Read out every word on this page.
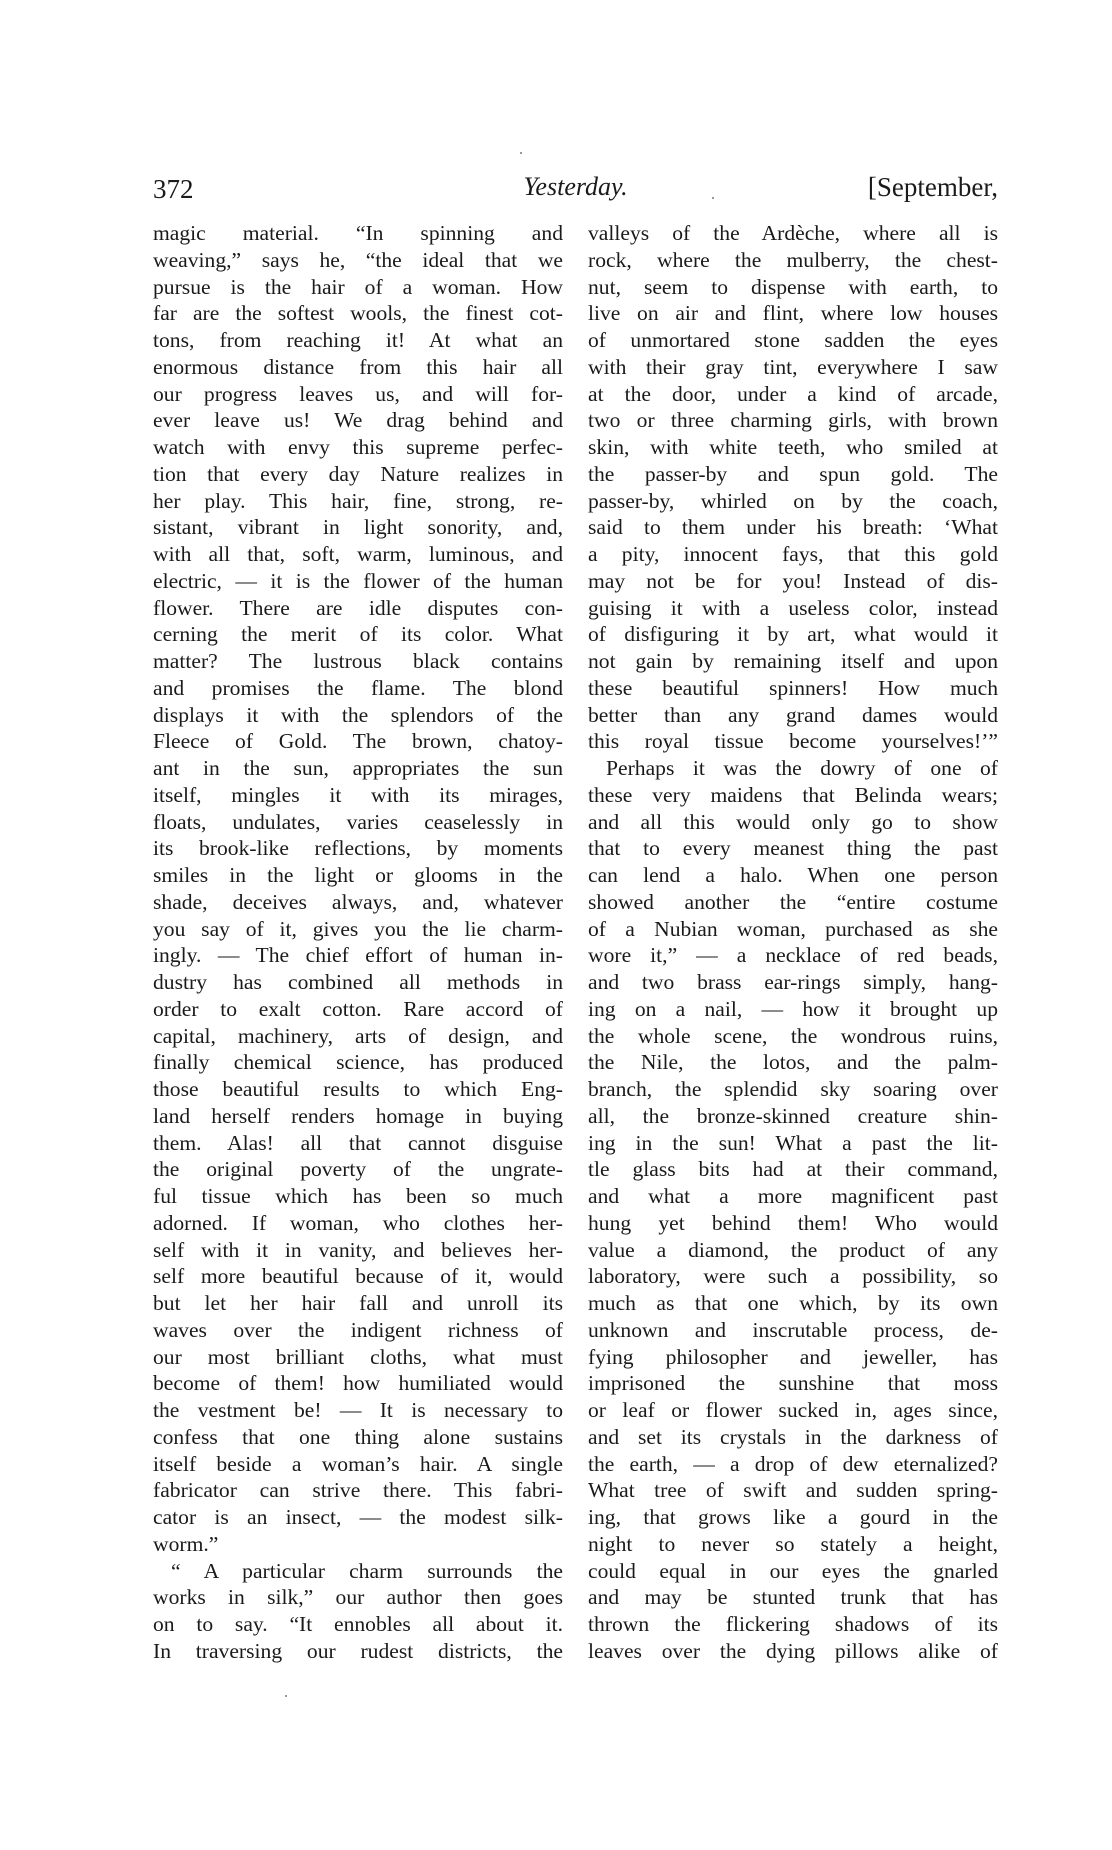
372	Yesterday.	[September,
magic material. “In spinning and
weaving,” says he, “the ideal that we
pursue is the hair of a woman. How
far are the softest wools, the finest cot-
tons, from reaching it! At what an
enormous distance from this hair all
our progress leaves us, and will for-
ever leave us! We drag behind and
watch with envy this supreme perfec-
tion that every day Nature realizes in
her play. This hair, fine, strong, re-
sistant, vibrant in light sonority, and,
with all that, soft, warm, luminous, and
electric, — it is the flower of the human
flower. There are idle disputes con-
cerning the merit of its color. What
matter? The lustrous black contains
and promises the flame. The blond
displays it with the splendors of the
Fleece of Gold. The brown, chatoy-
ant in the sun, appropriates the sun
itself, mingles it with its mirages,
floats, undulates, varies ceaselessly in
its brook-like reflections, by moments
smiles in the light or glooms in the
shade, deceives always, and, whatever
you say of it, gives you the lie charm-
ingly. — The chief effort of human in-
dustry has combined all methods in
order to exalt cotton. Rare accord of
capital, machinery, arts of design, and
finally chemical science, has produced
those beautiful results to which Eng-
land herself renders homage in buying
them. Alas! all that cannot disguise
the original poverty of the ungrate-
ful tissue which has been so much
adorned. If woman, who clothes her-
self with it in vanity, and believes her-
self more beautiful because of it, would
but let her hair fall and unroll its
waves over the indigent richness of
our most brilliant cloths, what must
become of them! how humiliated would
the vestment be! — It is necessary to
confess that one thing alone sustains
itself beside a woman’s hair. A single
fabricator can strive there. This fabri-
cator is an insect, — the modest silk-
worm.”
“ A particular charm surrounds the
works in silk,” our author then goes
on to say. “It ennobles all about it.
In traversing our rudest districts, the
valleys of the Ardèche, where all is
rock, where the mulberry, the chest-
nut, seem to dispense with earth, to
live on air and flint, where low houses
of unmortared stone sadden the eyes
with their gray tint, everywhere I saw
at the door, under a kind of arcade,
two or three charming girls, with brown
skin, with white teeth, who smiled at
the passer-by and spun gold. The
passer-by, whirled on by the coach,
said to them under his breath: ‘What
a pity, innocent fays, that this gold
may not be for you! Instead of dis-
guising it with a useless color, instead
of disfiguring it by art, what would it
not gain by remaining itself and upon
these beautiful spinners! How much
better than any grand dames would
this royal tissue become yourselves!’”
Perhaps it was the dowry of one of
these very maidens that Belinda wears;
and all this would only go to show
that to every meanest thing the past
can lend a halo. When one person
showed another the “entire costume
of a Nubian woman, purchased as she
wore it,” — a necklace of red beads,
and two brass ear-rings simply, hang-
ing on a nail, — how it brought up
the whole scene, the wondrous ruins,
the Nile, the lotos, and the palm-
branch, the splendid sky soaring over
all, the bronze-skinned creature shin-
ing in the sun! What a past the lit-
tle glass bits had at their command,
and what a more magnificent past
hung yet behind them! Who would
value a diamond, the product of any
laboratory, were such a possibility, so
much as that one which, by its own
unknown and inscrutable process, de-
fying philosopher and jeweller, has
imprisoned the sunshine that moss
or leaf or flower sucked in, ages since,
and set its crystals in the darkness of
the earth, — a drop of dew eternalized?
What tree of swift and sudden spring-
ing, that grows like a gourd in the
night to never so stately a height,
could equal in our eyes the gnarled
and may be stunted trunk that has
thrown the flickering shadows of its
leaves over the dying pillows alike of
